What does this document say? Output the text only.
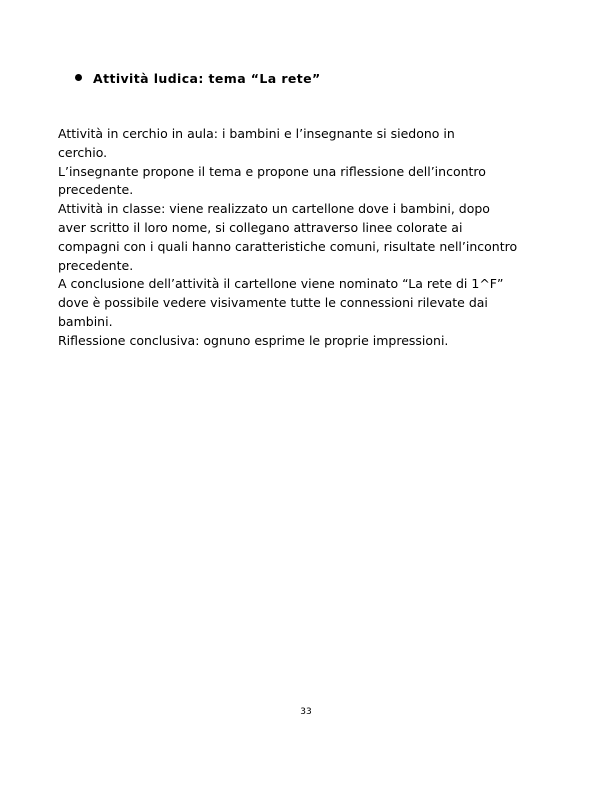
Attività ludica: tema “La rete”
Attività in cerchio in aula: i bambini e l’insegnante si siedono in
cerchio.
L’insegnante propone il tema e propone una riflessione dell’incontro
precedente.
Attività in classe: viene realizzato un cartellone dove i bambini, dopo
aver scritto il loro nome, si collegano attraverso linee colorate ai
compagni con i quali hanno caratteristiche comuni, risultate nell’incontro
precedente.
A conclusione dell’attività il cartellone viene nominato “La rete di 1^F”
dove è possibile vedere visivamente tutte le connessioni rilevate dai
bambini.
Riflessione conclusiva: ognuno esprime le proprie impressioni.
33
